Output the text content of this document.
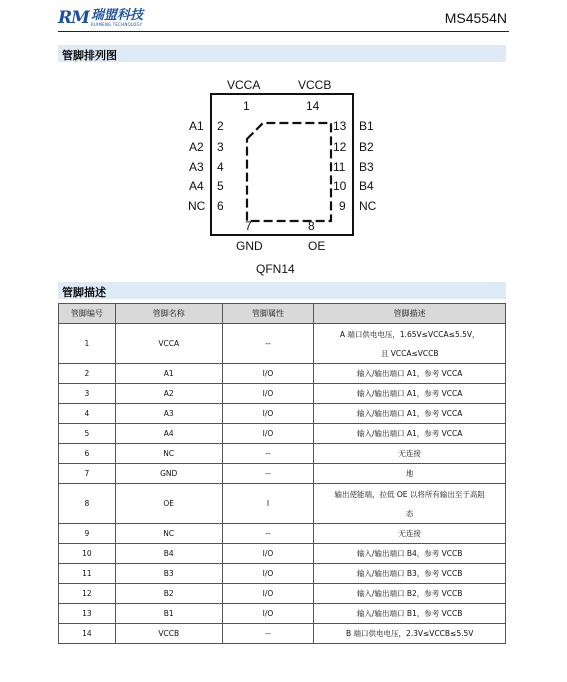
RM 瑞盟科技
RUIMENG TECHNOLOGY	MS4554N
管脚排列图
VCCA	VCCB
1	14
A1
A2
A3
A4
NC
2
3
4
5
6
13
12
11
10
9
B1
B2
B3
B4
NC
7	8
GND	OE
QFN14
管脚描述
管脚编号	管脚名称	管脚属性	管脚描述
1	VCCA	--	A 端口供电电压，1.65V≤VCCA≤5.5V，
且 VCCA≤VCCB

2	A1	I/O	输入/输出端口 A1，参考 VCCA
3	A2	I/O	输入/输出端口 A1，参考 VCCA
4	A3	I/O	输入/输出端口 A1，参考 VCCA
5	A4	I/O	输入/输出端口 A1，参考 VCCA
6	NC	--	无连接
7	GND	--	地
8	OE	I	输出使能端，拉低 OE 以将所有输出至于高阻
态

9	NC	--	无连接
10	B4	I/O	输入/输出端口 B4，参考 VCCB
11	B3	I/O	输入/输出端口 B3，参考 VCCB
12	B2	I/O	输入/输出端口 B2，参考 VCCB
13	B1	I/O	输入/输出端口 B1，参考 VCCB
14	VCCB	--	B 端口供电电压，2.3V≤VCCB≤5.5V
